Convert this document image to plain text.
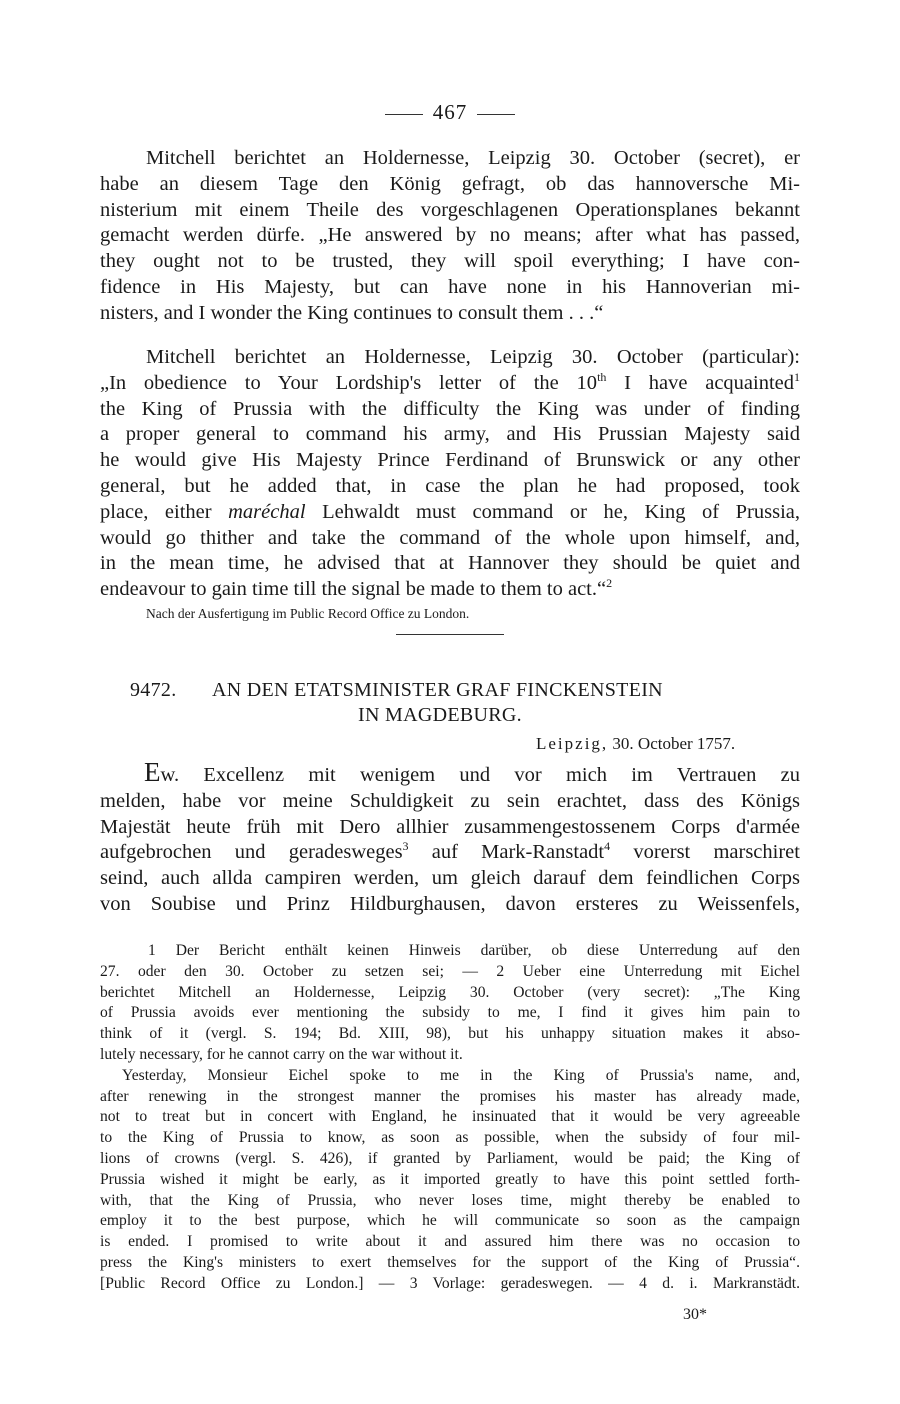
467
Mitchell berichtet an Holdernesse, Leipzig 30. October (secret), er
habe an diesem Tage den König gefragt, ob das hannoversche Mi-
nisterium mit einem Theile des vorgeschlagenen Operationsplanes bekannt
gemacht werden dürfe. „He answered by no means; after what has passed,
they ought not to be trusted, they will spoil everything; I have con-
fidence in His Majesty, but can have none in his Hannoverian mi-
nisters, and I wonder the King continues to consult them . . .“
Mitchell berichtet an Holdernesse, Leipzig 30. October (particular):
„In obedience to Your Lordship's letter of the 10th I have acquainted$^1$
the King of Prussia with the difficulty the King was under of finding
a proper general to command his army, and His Prussian Majesty said
he would give His Majesty Prince Ferdinand of Brunswick or any other
general, but he added that, in case the plan he had proposed, took
place, either maréchal Lehwaldt must command or he, King of Prussia,
would go thither and take the command of the whole upon himself, and,
in the mean time, he advised that at Hannover they should be quiet and
endeavour to gain time till the signal be made to them to act.“$^2$
Nach der Ausfertigung im Public Record Office zu London.
9472. AN DEN ETATSMINISTER GRAF FINCKENSTEIN
IN MAGDEBURG.
Leipzig, 30. October 1757.
Ew. Excellenz mit wenigem und vor mich im Vertrauen zu
melden, habe vor meine Schuldigkeit zu sein erachtet, dass des Königs
Majestät heute früh mit Dero allhier zusammengestossenem Corps d'armée
aufgebrochen und geradesweges$^3$ auf Mark-Ranstadt$^4$ vorerst marschiret
seind, auch allda campiren werden, um gleich darauf dem feindlichen Corps
von Soubise und Prinz Hildburghausen, davon ersteres zu Weissenfels,
1 Der Bericht enthält keinen Hinweis darüber, ob diese Unterredung auf den
27. oder den 30. October zu setzen sei; — 2 Ueber eine Unterredung mit Eichel
berichtet Mitchell an Holdernesse, Leipzig 30. October (very secret): „The King
of Prussia avoids ever mentioning the subsidy to me, I find it gives him pain to
think of it (vergl. S. 194; Bd. XIII, 98), but his unhappy situation makes it abso-
lutely necessary, for he cannot carry on the war without it.
Yesterday, Monsieur Eichel spoke to me in the King of Prussia's name, and,
after renewing in the strongest manner the promises his master has already made,
not to treat but in concert with England, he insinuated that it would be very agreeable
to the King of Prussia to know, as soon as possible, when the subsidy of four mil-
lions of crowns (vergl. S. 426), if granted by Parliament, would be paid; the King of
Prussia wished it might be early, as it imported greatly to have this point settled forth-
with, that the King of Prussia, who never loses time, might thereby be enabled to
employ it to the best purpose, which he will communicate so soon as the campaign
is ended. I promised to write about it and assured him there was no occasion to
press the King's ministers to exert themselves for the support of the King of Prussia“.
[Public Record Office zu London.] — 3 Vorlage: geradeswegen. — 4 d. i. Markranstädt.
30*
